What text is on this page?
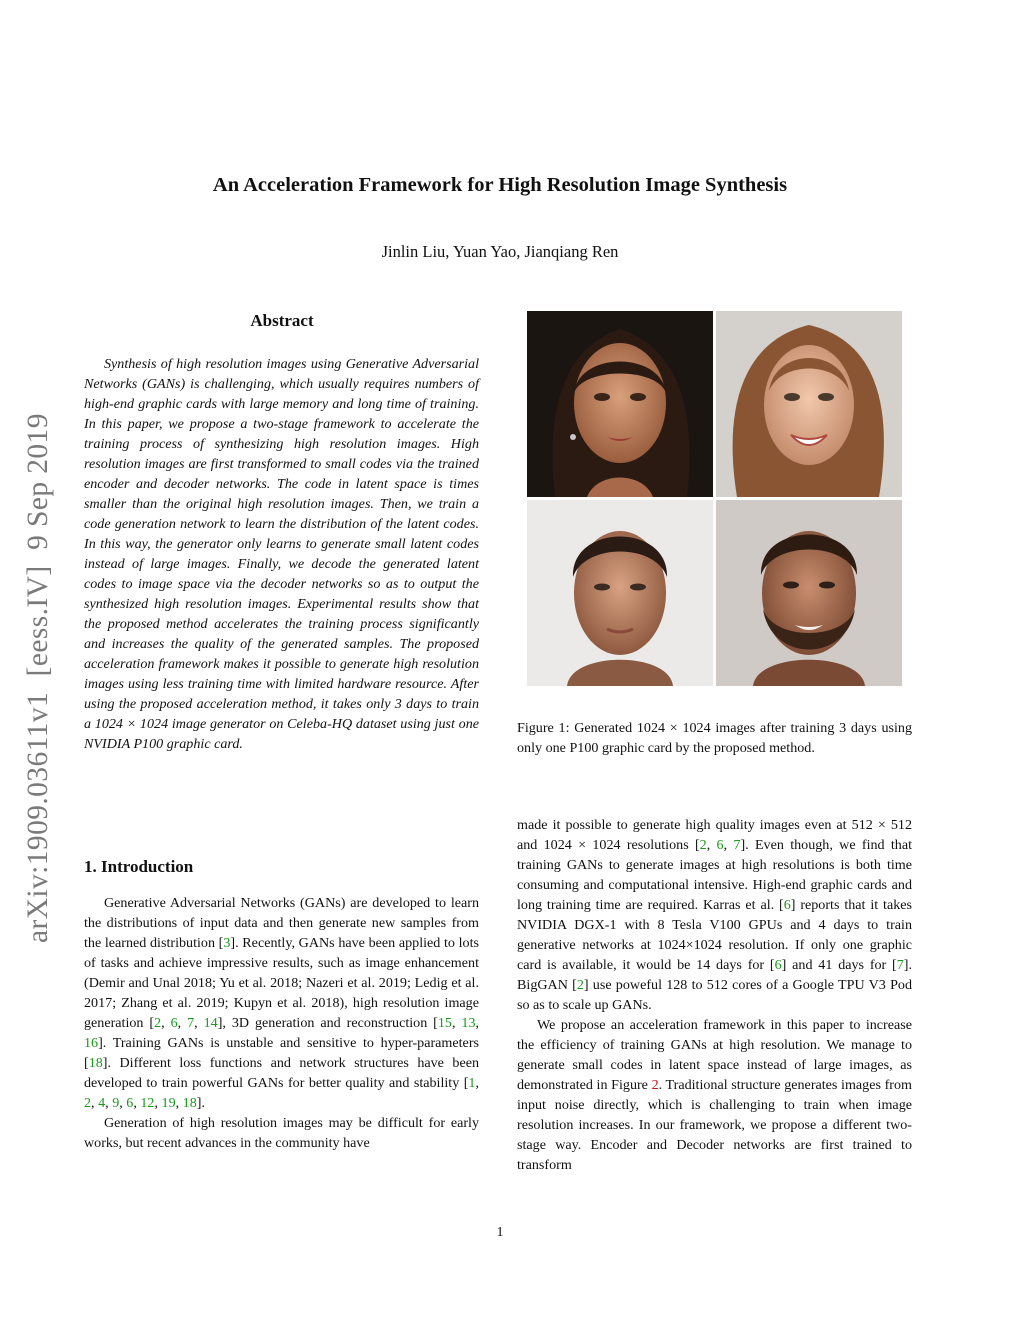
arXiv:1909.03611v1  [eess.IV]  9 Sep 2019
An Acceleration Framework for High Resolution Image Synthesis
Jinlin Liu, Yuan Yao, Jianqiang Ren
Abstract
Synthesis of high resolution images using Generative Adversarial Networks (GANs) is challenging, which usually requires numbers of high-end graphic cards with large memory and long time of training. In this paper, we propose a two-stage framework to accelerate the training process of synthesizing high resolution images. High resolution images are first transformed to small codes via the trained encoder and decoder networks. The code in latent space is times smaller than the original high resolution images. Then, we train a code generation network to learn the distribution of the latent codes. In this way, the generator only learns to generate small latent codes instead of large images. Finally, we decode the generated latent codes to image space via the decoder networks so as to output the synthesized high resolution images. Experimental results show that the proposed method accelerates the training process significantly and increases the quality of the generated samples. The proposed acceleration framework makes it possible to generate high resolution images using less training time with limited hardware resource. After using the proposed acceleration method, it takes only 3 days to train a 1024 × 1024 image generator on Celeba-HQ dataset using just one NVIDIA P100 graphic card.
1. Introduction

Generative Adversarial Networks (GANs) are developed to learn the distributions of input data and then generate new samples from the learned distribution [3]. Recently, GANs have been applied to lots of tasks and achieve impressive results, such as image enhancement (Demir and Unal 2018; Yu et al. 2018; Nazeri et al. 2019; Ledig et al. 2017; Zhang et al. 2019; Kupyn et al. 2018), high resolution image generation [2, 6, 7, 14], 3D generation and reconstruction [15, 13, 16]. Training GANs is unstable and sensitive to hyper-parameters [18]. Different loss functions and network structures have been developed to train powerful GANs for better quality and stability [1, 2, 4, 9, 6, 12, 19, 18].

Generation of high resolution images may be difficult for early works, but recent advances in the community have

made it possible to generate high quality images even at 512 × 512 and 1024 × 1024 resolutions [2, 6, 7]. Even though, we find that training GANs to generate images at high resolutions is both time consuming and computational intensive. High-end graphic cards and long training time are required. Karras et al. [6] reports that it takes NVIDIA DGX-1 with 8 Tesla V100 GPUs and 4 days to train generative networks at 1024×1024 resolution. If only one graphic card is available, it would be 14 days for [6] and 41 days for [7]. BigGAN [2] use poweful 128 to 512 cores of a Google TPU V3 Pod so as to scale up GANs.

We propose an acceleration framework in this paper to increase the efficiency of training GANs at high resolution. We manage to generate small codes in latent space instead of large images, as demonstrated in Figure 2. Traditional structure generates images from input noise directly, which is challenging to train when image resolution increases. In our framework, we propose a different two-stage way. Encoder and Decoder networks are first trained to transform

Figure 1: Generated 1024 × 1024 images after training 3 days using only one P100 graphic card by the proposed method.
1
